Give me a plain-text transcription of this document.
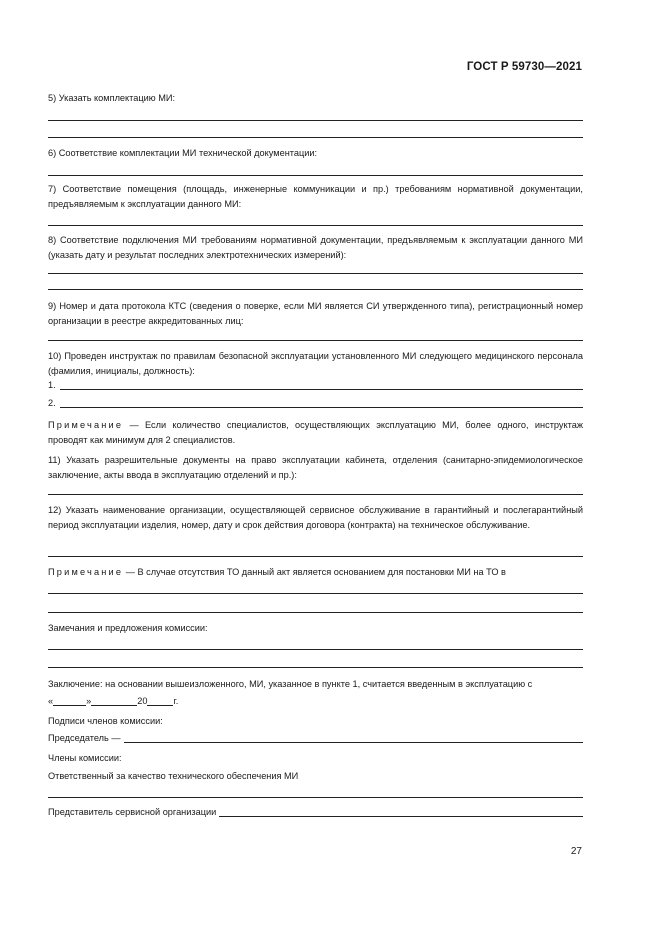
ГОСТ Р 59730—2021
5) Указать комплектацию МИ:
6) Соответствие комплектации МИ технической документации:
7) Соответствие помещения (площадь, инженерные коммуникации и пр.) требованиям нормативной документации, предъявляемым к эксплуатации данного МИ:
8) Соответствие подключения МИ требованиям нормативной документации, предъявляемым к эксплуатации данного МИ (указать дату и результат последних электротехнических измерений):
9) Номер и дата протокола КТС (сведения о поверке, если МИ является СИ утвержденного типа), регистрационный номер организации в реестре аккредитованных лиц:
10) Проведен инструктаж по правилам безопасной эксплуатации установленного МИ следующего медицинского персонала (фамилия, инициалы, должность):
1.
2.
Примечание — Если количество специалистов, осуществляющих эксплуатацию МИ, более одного, инструктаж проводят как минимум для 2 специалистов.
11) Указать разрешительные документы на право эксплуатации кабинета, отделения (санитарно-эпидемиологическое заключение, акты ввода в эксплуатацию отделений и пр.):
12) Указать наименование организации, осуществляющей сервисное обслуживание в гарантийный и послегарантийный период эксплуатации изделия, номер, дату и срок действия договора (контракта) на техническое обслуживание.
Примечание — В случае отсутствия ТО данный акт является основанием для постановки МИ на ТО в
Замечания и предложения комиссии:
Заключение: на основании вышеизложенного, МИ, указанное в пункте 1, считается введенным в эксплуатацию с
«	»	20	г.
Подписи членов комиссии:
Председатель —
Члены комиссии:
Ответственный за качество технического обеспечения МИ
Представитель сервисной организации
27
